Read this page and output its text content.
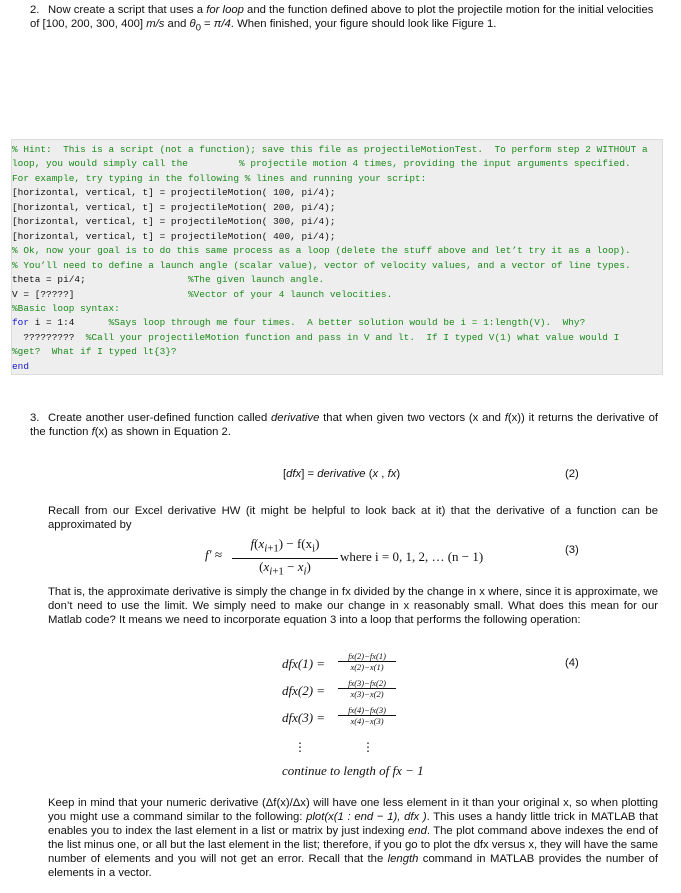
2. Now create a script that uses a for loop and the function defined above to plot the projectile motion for the initial velocities of [100, 200, 300, 400] m/s and $\theta_0 = \pi/4$. When finished, your figure should look like Figure 1.
% Hint:  This is a script (not a function); save this file as projectileMotionTest.  To perform step 2 WITHOUT a
loop, you would simply call the         % projectile motion 4 times, providing the input arguments specified.
For example, try typing in the following % lines and running your script:
[horizontal, vertical, t] = projectileMotion( 100, pi/4);
[horizontal, vertical, t] = projectileMotion( 200, pi/4);
[horizontal, vertical, t] = projectileMotion( 300, pi/4);
[horizontal, vertical, t] = projectileMotion( 400, pi/4);
% Ok, now your goal is to do this same process as a loop (delete the stuff above and let’t try it as a loop).
% You’ll need to define a launch angle (scalar value), vector of velocity values, and a vector of line types.
theta = pi/4;                  %The given launch angle.
V = [?????]                    %Vector of your 4 launch velocities.
%Basic loop syntax:
for i = 1:4      %Says loop through me four times.  A better solution would be i = 1:length(V).  Why?
?????????  %Call your projectileMotion function and pass in V and lt.  If I typed V(1) what value would I
%get?  What if I typed lt{3}?
end
3. Create another user-defined function called derivative that when given two vectors (x and f(x)) it returns the derivative of the function f(x) as shown in Equation 2.
[dfx] = derivative (x , fx)	(2)
Recall from our Excel derivative HW (it might be helpful to look back at it) that the derivative of a function can be approximated by
$f' \approx \frac{f(x_{i+1}) - f(x_i)}{(x_{i+1} - x_i)}$ where i = 0, 1, 2, … (n − 1)	(3)
That is, the approximate derivative is simply the change in fx divided by the change in x where, since it is approximate, we don’t need to use the limit. We simply need to make our change in x reasonably small. What does this mean for our Matlab code? It means we need to incorporate equation 3 into a loop that performs the following operation:
$dfx(1) = \frac{fx(2)-fx(1)}{x(2)-x(1)}$
$dfx(2) = \frac{fx(3)-fx(2)}{x(3)-x(2)}$
$dfx(3) = \frac{fx(4)-fx(3)}{x(4)-x(3)}$
(4)
⋮	⋮
continue to length of fx − 1
Keep in mind that your numeric derivative (Δf(x)/Δx) will have one less element in it than your original x, so when plotting you might use a command similar to the following: plot(x(1 : end − 1), dfx ). This uses a handy little trick in MATLAB that enables you to index the last element in a list or matrix by just indexing end. The plot command above indexes the end of the list minus one, or all but the last element in the list; therefore, if you go to plot the dfx versus x, they will have the same number of elements and you will not get an error. Recall that the length command in MATLAB provides the number of elements in a vector.
